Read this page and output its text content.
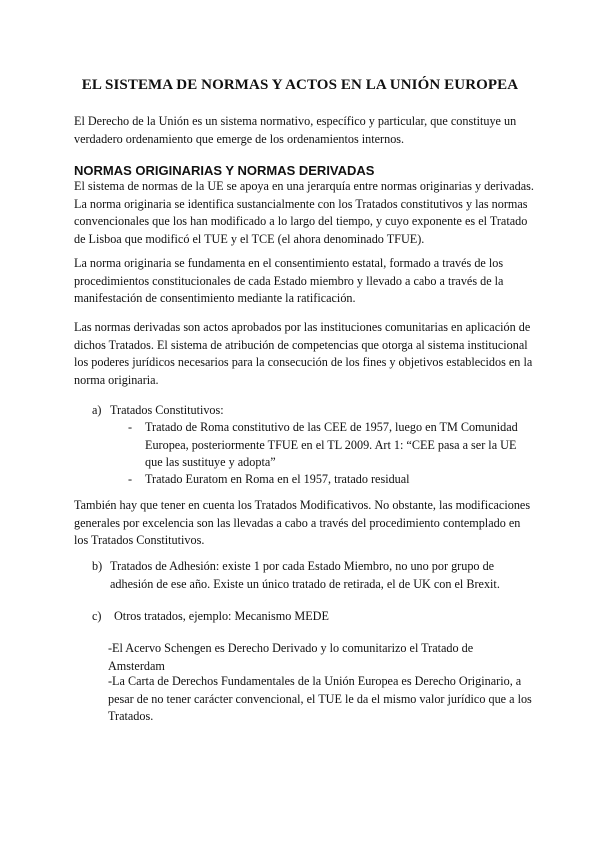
EL SISTEMA DE NORMAS Y ACTOS EN LA UNIÓN EUROPEA

El Derecho de la Unión es un sistema normativo, específico y particular, que constituye un verdadero ordenamiento que emerge de los ordenamientos internos.

NORMAS ORIGINARIAS Y NORMAS DERIVADAS

El sistema de normas de la UE se apoya en una jerarquía entre normas originarias y derivadas. La norma originaria se identifica sustancialmente con los Tratados constitutivos y las normas convencionales que los han modificado a lo largo del tiempo, y cuyo exponente es el Tratado de Lisboa que modificó el TUE y el TCE (el ahora denominado TFUE).

La norma originaria se fundamenta en el consentimiento estatal, formado a través de los procedimientos constitucionales de cada Estado miembro y llevado a cabo a través de la manifestación de consentimiento mediante la ratificación.

Las normas derivadas son actos aprobados por las instituciones comunitarias en aplicación de dichos Tratados. El sistema de atribución de competencias que otorga al sistema institucional los poderes jurídicos necesarios para la consecución de los fines y objetivos establecidos en la norma originaria.

a) Tratados Constitutivos:
- Tratado de Roma constitutivo de las CEE de 1957, luego en TM Comunidad Europea, posteriormente TFUE en el TL 2009. Art 1: “CEE pasa a ser la UE que las sustituye y adopta”
- Tratado Euratom en Roma en el 1957, tratado residual

También hay que tener en cuenta los Tratados Modificativos. No obstante, las modificaciones generales por excelencia son las llevadas a cabo a través del procedimiento contemplado en los Tratados Constitutivos.

b) Tratados de Adhesión: existe 1 por cada Estado Miembro, no uno por grupo de adhesión de ese año. Existe un único tratado de retirada, el de UK con el Brexit.
c) Otros tratados, ejemplo: Mecanismo MEDE
-El Acervo Schengen es Derecho Derivado y lo comunitarizo el Tratado de Amsterdam
-La Carta de Derechos Fundamentales de la Unión Europea es Derecho Originario, a pesar de no tener carácter convencional, el TUE le da el mismo valor jurídico que a los Tratados.
